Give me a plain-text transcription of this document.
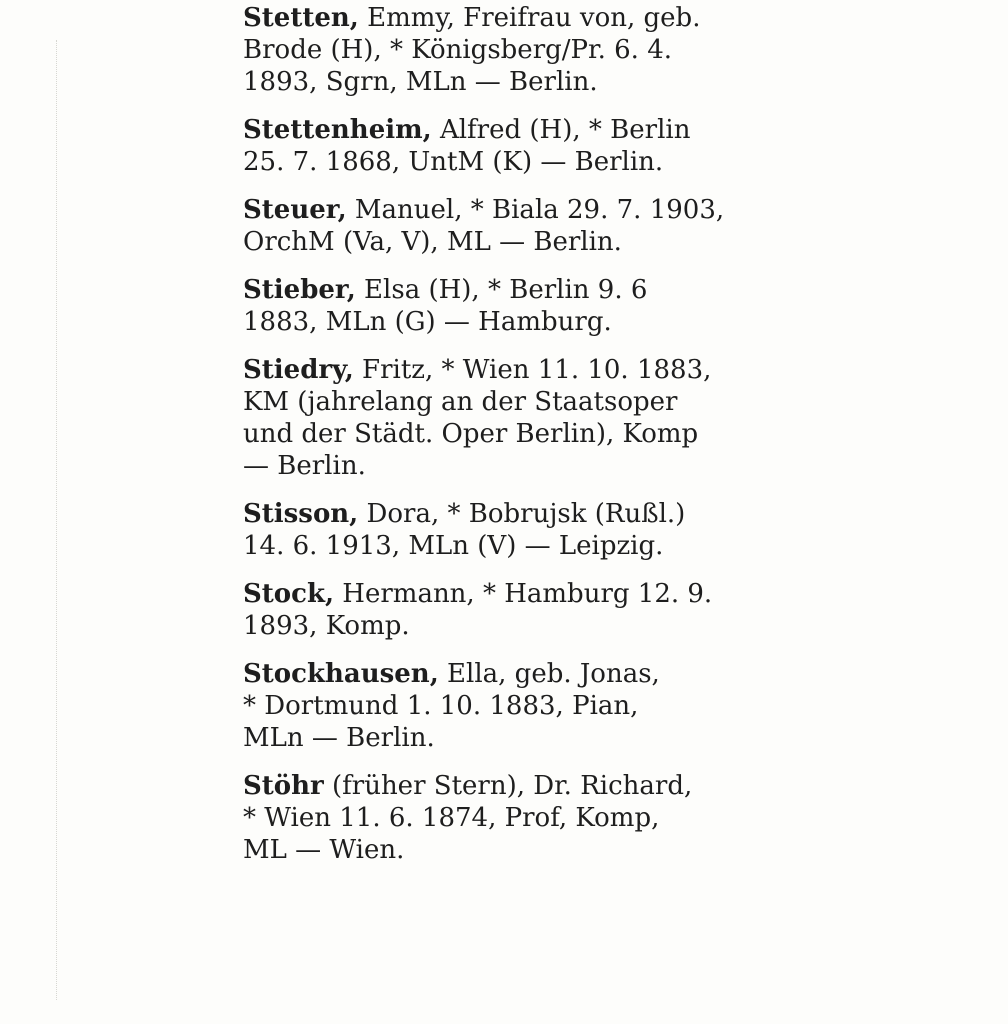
Stetten, Emmy, Freifrau von, geb.
Brode (H), * Königsberg/Pr. 6. 4.
1893, Sgrn, MLn — Berlin.
Stettenheim, Alfred (H), * Berlin
25. 7. 1868, UntM (K) — Berlin.
Steuer, Manuel, * Biala 29. 7. 1903,
OrchM (Va, V), ML — Berlin.
Stieber, Elsa (H), * Berlin 9. 6
1883, MLn (G) — Hamburg.
Stiedry, Fritz, * Wien 11. 10. 1883,
KM (jahrelang an der Staatsoper
und der Städt. Oper Berlin), Komp
— Berlin.
Stisson, Dora, * Bobrujsk (Rußl.)
14. 6. 1913, MLn (V) — Leipzig.
Stock, Hermann, * Hamburg 12. 9.
1893, Komp.
Stockhausen, Ella, geb. Jonas,
* Dortmund 1. 10. 1883, Pian,
MLn — Berlin.
Stöhr (früher Stern), Dr. Richard,
* Wien 11. 6. 1874, Prof, Komp,
ML — Wien.
